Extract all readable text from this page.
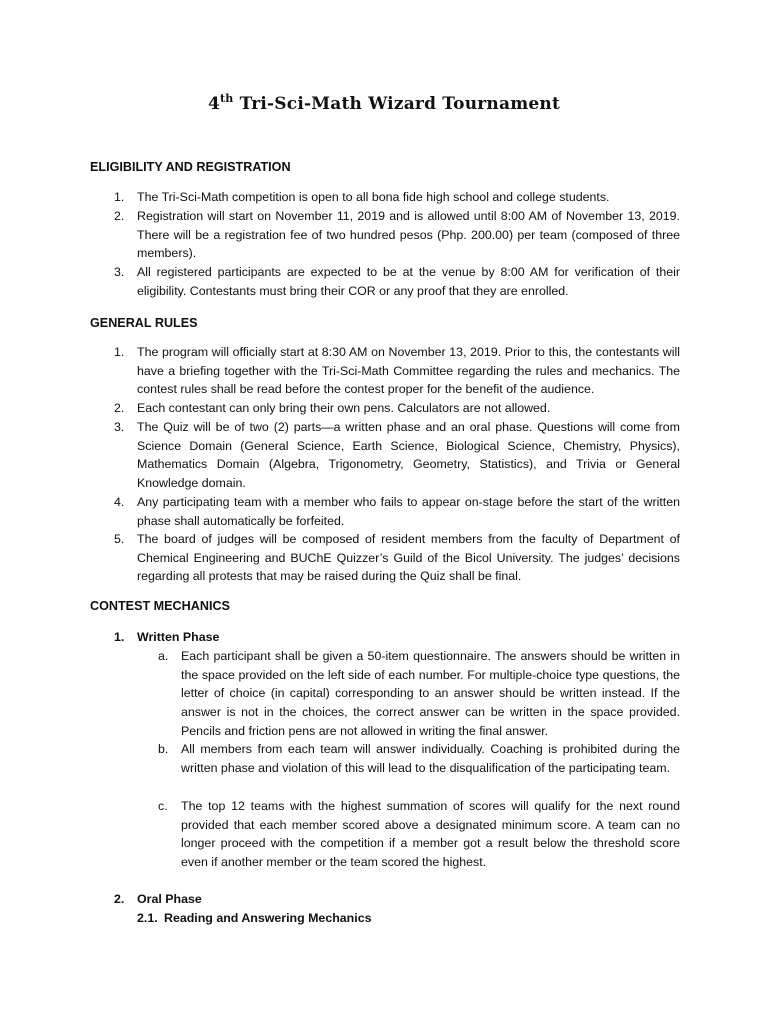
4th Tri-Sci-Math Wizard Tournament
ELIGIBILITY AND REGISTRATION
1. The Tri-Sci-Math competition is open to all bona fide high school and college students.
2. Registration will start on November 11, 2019 and is allowed until 8:00 AM of November 13, 2019. There will be a registration fee of two hundred pesos (Php. 200.00) per team (composed of three members).
3. All registered participants are expected to be at the venue by 8:00 AM for verification of their eligibility. Contestants must bring their COR or any proof that they are enrolled.
GENERAL RULES
1. The program will officially start at 8:30 AM on November 13, 2019. Prior to this, the contestants will have a briefing together with the Tri-Sci-Math Committee regarding the rules and mechanics. The contest rules shall be read before the contest proper for the benefit of the audience.
2. Each contestant can only bring their own pens. Calculators are not allowed.
3. The Quiz will be of two (2) parts—a written phase and an oral phase. Questions will come from Science Domain (General Science, Earth Science, Biological Science, Chemistry, Physics), Mathematics Domain (Algebra, Trigonometry, Geometry, Statistics), and Trivia or General Knowledge domain.
4. Any participating team with a member who fails to appear on-stage before the start of the written phase shall automatically be forfeited.
5. The board of judges will be composed of resident members from the faculty of Department of Chemical Engineering and BUChE Quizzer’s Guild of the Bicol University. The judges’ decisions regarding all protests that may be raised during the Quiz shall be final.
CONTEST MECHANICS
1. Written Phase
a. Each participant shall be given a 50-item questionnaire. The answers should be written in the space provided on the left side of each number. For multiple-choice type questions, the letter of choice (in capital) corresponding to an answer should be written instead. If the answer is not in the choices, the correct answer can be written in the space provided. Pencils and friction pens are not allowed in writing the final answer.
b. All members from each team will answer individually. Coaching is prohibited during the written phase and violation of this will lead to the disqualification of the participating team.
c. The top 12 teams with the highest summation of scores will qualify for the next round provided that each member scored above a designated minimum score. A team can no longer proceed with the competition if a member got a result below the threshold score even if another member or the team scored the highest.
2. Oral Phase
2.1. Reading and Answering Mechanics
